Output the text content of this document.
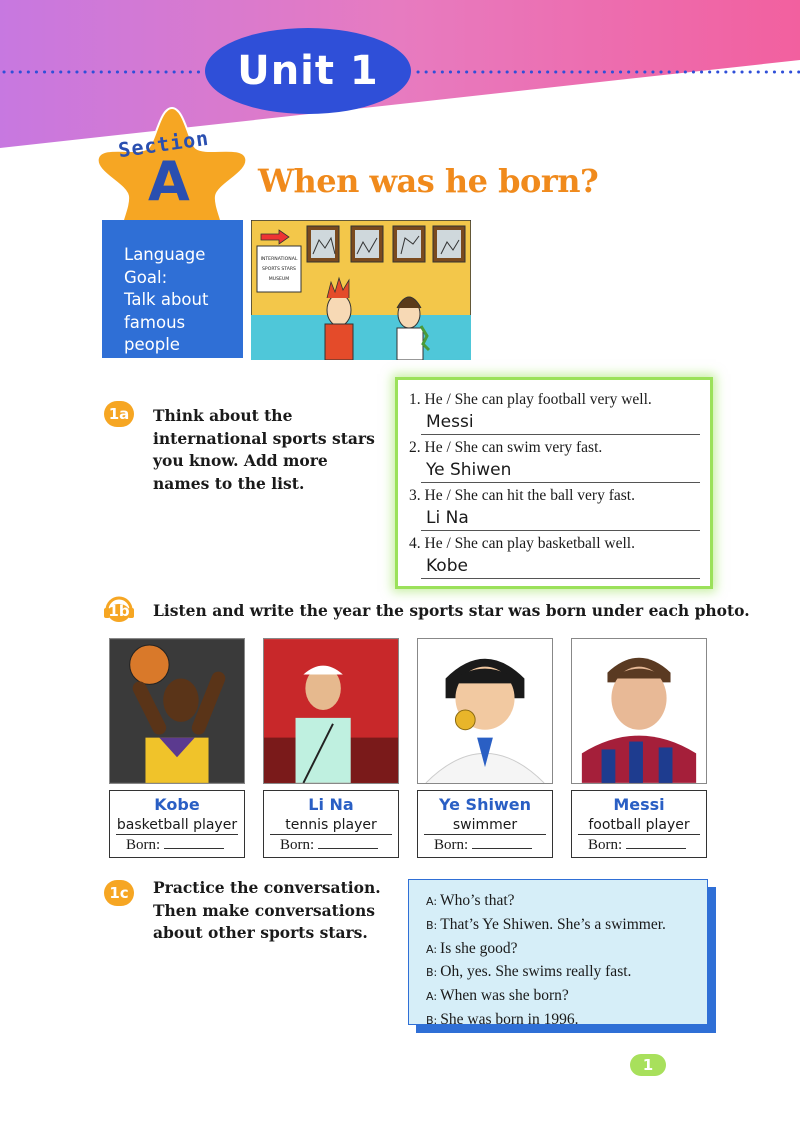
Unit 1
Section
A When was he born?
Language
Goal:
Talk about
famous
people
INTERNATIONAL
SPORTS STARS
MUSEUM
1a	Think about the
international sports stars
you know. Add more
names to the list.
1. He / She can play football very well.
Messi
2. He / She can swim very fast.
Ye Shiwen
3. He / She can hit the ball very fast.
Li Na
4. He / She can play basketball well.
Kobe
1b Listen and write the year the sports star was born under each photo.
Kobe
basketball player
Born:
Li Na
tennis player
Born:
Ye Shiwen
swimmer
Born:
Messi
football player
Born:
1c	Practice the conversation.
Then make conversations
about other sports stars.
A: Who’s that?
B: That’s Ye Shiwen. She’s a swimmer.
A: Is she good?
B: Oh, yes. She swims really fast.
A: When was she born?
B: She was born in 1996.
1
